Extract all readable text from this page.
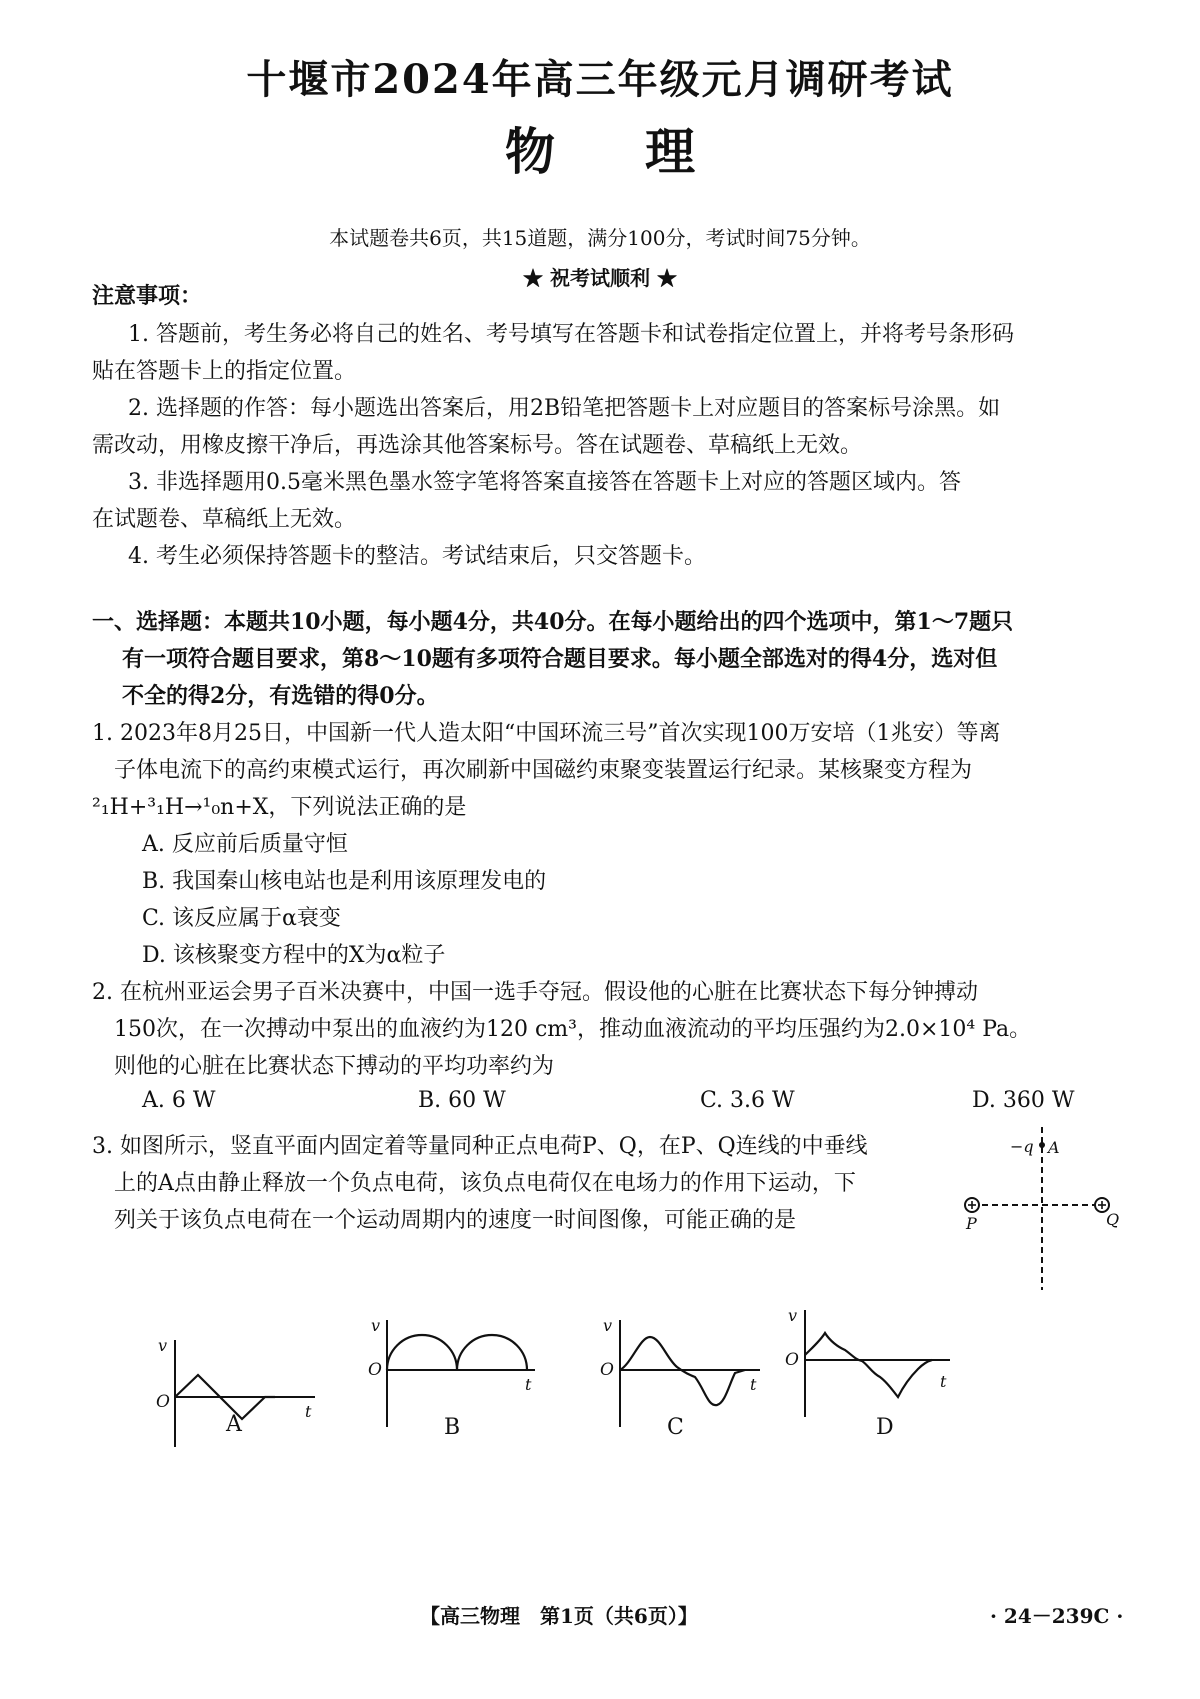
十堰市2024年高三年级元月调研考试
物理
本试题卷共6页，共15道题，满分100分，考试时间75分钟。
★ 祝考试顺利 ★
注意事项：
1. 答题前，考生务必将自己的姓名、考号填写在答题卡和试卷指定位置上，并将考号条形码
贴在答题卡上的指定位置。
2. 选择题的作答：每小题选出答案后，用2B铅笔把答题卡上对应题目的答案标号涂黑。如
需改动，用橡皮擦干净后，再选涂其他答案标号。答在试题卷、草稿纸上无效。
3. 非选择题用0.5毫米黑色墨水签字笔将答案直接答在答题卡上对应的答题区域内。答
在试题卷、草稿纸上无效。
4. 考生必须保持答题卡的整洁。考试结束后，只交答题卡。
一、选择题：本题共10小题，每小题4分，共40分。在每小题给出的四个选项中，第1～7题只
有一项符合题目要求，第8～10题有多项符合题目要求。每小题全部选对的得4分，选对但
不全的得2分，有选错的得0分。
1. 2023年8月25日，中国新一代人造太阳“中国环流三号”首次实现100万安培（1兆安）等离
子体电流下的高约束模式运行，再次刷新中国磁约束聚变装置运行纪录。某核聚变方程为
²₁H+³₁H→¹₀n+X，下列说法正确的是
A. 反应前后质量守恒
B. 我国秦山核电站也是利用该原理发电的
C. 该反应属于α衰变
D. 该核聚变方程中的X为α粒子
2. 在杭州亚运会男子百米决赛中，中国一选手夺冠。假设他的心脏在比赛状态下每分钟搏动
150次，在一次搏动中泵出的血液约为120 cm³，推动血液流动的平均压强约为2.0×10⁴ Pa。
则他的心脏在比赛状态下搏动的平均功率约为
A. 6 W	B. 60 W	C. 3.6 W	D. 360 W
3. 如图所示，竖直平面内固定着等量同种正点电荷P、Q，在P、Q连线的中垂线
上的A点由静止释放一个负点电荷，该负点电荷仅在电场力的作用下运动，下
列关于该负点电荷在一个运动周期内的速度一时间图像，可能正确的是
−q A
P	Q
v
O	t
A
v
O
t
B
v
O
t
C
v
O
t
D
【高三物理　第1页（共6页）】	· 24－239C ·
